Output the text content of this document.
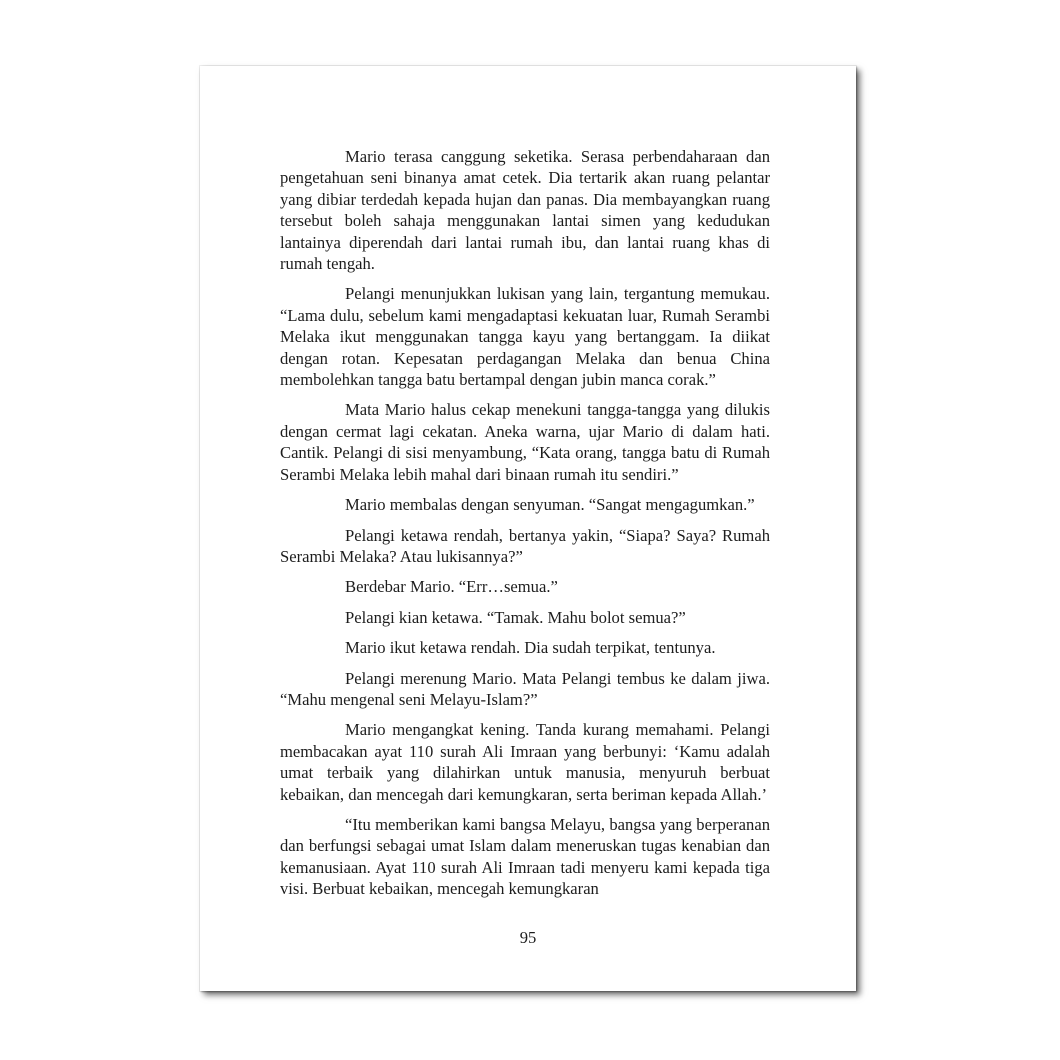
Mario terasa canggung seketika. Serasa perbendaharaan dan pengetahuan seni binanya amat cetek. Dia tertarik akan ruang pelantar yang dibiar terdedah kepada hujan dan panas. Dia membayangkan ruang tersebut boleh sahaja menggunakan lantai simen yang kedudukan lantainya diperendah dari lantai rumah ibu, dan lantai ruang khas di rumah tengah.

Pelangi menunjukkan lukisan yang lain, tergantung memukau. “Lama dulu, sebelum kami mengadaptasi kekuatan luar, Rumah Serambi Melaka ikut menggunakan tangga kayu yang bertanggam. Ia diikat dengan rotan. Kepesatan perdagangan Melaka dan benua China membolehkan tangga batu bertampal dengan jubin manca corak.”

Mata Mario halus cekap menekuni tangga-tangga yang dilukis dengan cermat lagi cekatan. Aneka warna, ujar Mario di dalam hati. Cantik. Pelangi di sisi menyambung, “Kata orang, tangga batu di Rumah Serambi Melaka lebih mahal dari binaan rumah itu sendiri.”

Mario membalas dengan senyuman. “Sangat mengagumkan.”

Pelangi ketawa rendah, bertanya yakin, “Siapa? Saya? Rumah Serambi Melaka? Atau lukisannya?”

Berdebar Mario. “Err…semua.”

Pelangi kian ketawa. “Tamak. Mahu bolot semua?”

Mario ikut ketawa rendah. Dia sudah terpikat, tentunya.

Pelangi merenung Mario. Mata Pelangi tembus ke dalam jiwa. “Mahu mengenal seni Melayu-Islam?”

Mario mengangkat kening. Tanda kurang memahami. Pelangi membacakan ayat 110 surah Ali Imraan yang berbunyi: ‘Kamu adalah umat terbaik yang dilahirkan untuk manusia, menyuruh berbuat kebaikan, dan mencegah dari kemungkaran, serta beriman kepada Allah.’

“Itu memberikan kami bangsa Melayu, bangsa yang berperanan dan berfungsi sebagai umat Islam dalam meneruskan tugas kenabian dan kemanusiaan. Ayat 110 surah Ali Imraan tadi menyeru kami kepada tiga visi. Berbuat kebaikan, mencegah kemungkaran

95
